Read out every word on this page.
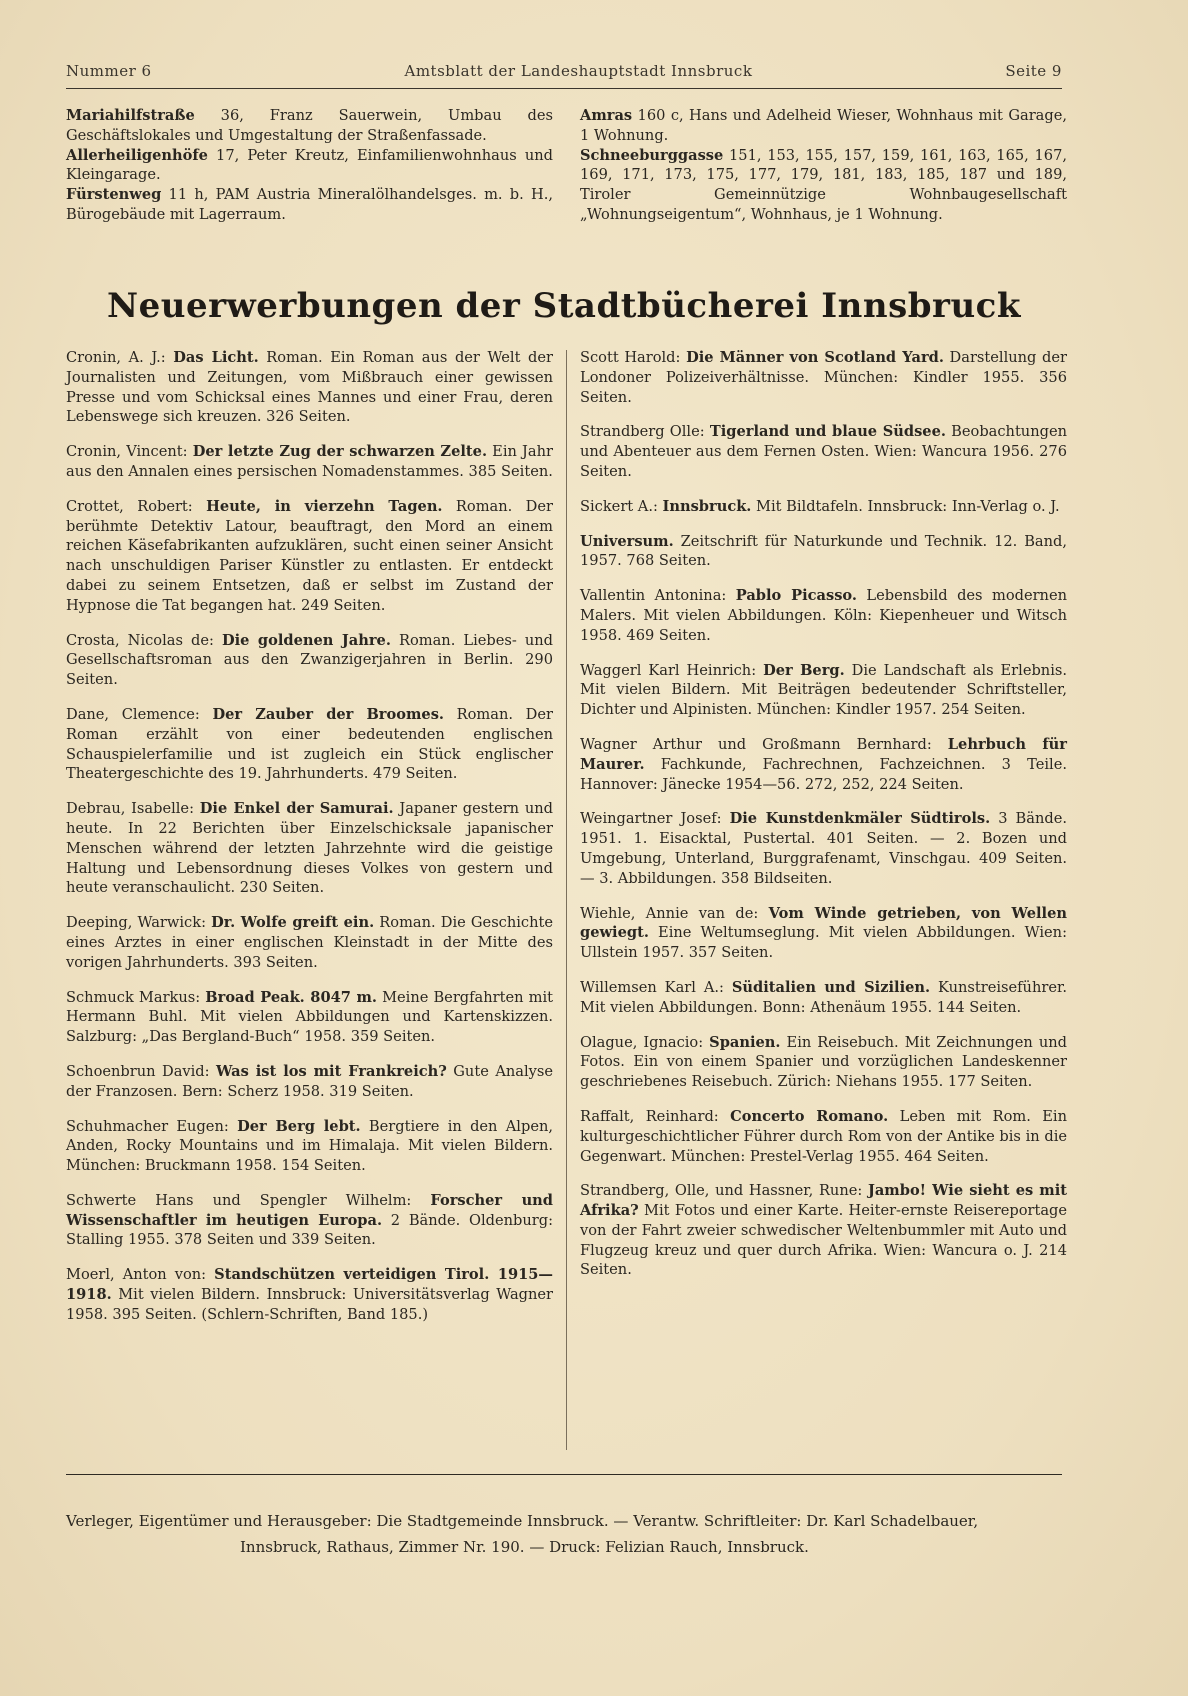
Nummer 6	Amtsblatt der Landeshauptstadt Innsbruck	Seite 9

Mariahilfstraße 36, Franz Sauerwein, Umbau des Geschäftslokales und Umgestaltung der Straßenfassade.

Allerheiligenhöfe 17, Peter Kreutz, Einfamilienwohnhaus und Kleingarage.

Fürstenweg 11 h, PAM Austria Mineralölhandelsges. m. b. H., Bürogebäude mit Lagerraum.

Amras 160 c, Hans und Adelheid Wieser, Wohnhaus mit Garage, 1 Wohnung.

Schneeburggasse 151, 153, 155, 157, 159, 161, 163, 165, 167, 169, 171, 173, 175, 177, 179, 181, 183, 185, 187 und 189, Tiroler Gemeinnützige Wohnbaugesellschaft „Wohnungseigentum“, Wohnhaus, je 1 Wohnung.

Neuerwerbungen der Stadtbücherei Innsbruck

Cronin, A. J.: Das Licht. Roman. Ein Roman aus der Welt der Journalisten und Zeitungen, vom Mißbrauch einer gewissen Presse und vom Schicksal eines Mannes und einer Frau, deren Lebenswege sich kreuzen. 326 Seiten.

Cronin, Vincent: Der letzte Zug der schwarzen Zelte. Ein Jahr aus den Annalen eines persischen Nomadenstammes. 385 Seiten.

Crottet, Robert: Heute, in vierzehn Tagen. Roman. Der berühmte Detektiv Latour, beauftragt, den Mord an einem reichen Käsefabrikanten aufzuklären, sucht einen seiner Ansicht nach unschuldigen Pariser Künstler zu entlasten. Er entdeckt dabei zu seinem Entsetzen, daß er selbst im Zustand der Hypnose die Tat begangen hat. 249 Seiten.

Crosta, Nicolas de: Die goldenen Jahre. Roman. Liebes- und Gesellschaftsroman aus den Zwanzigerjahren in Berlin. 290 Seiten.

Dane, Clemence: Der Zauber der Broomes. Roman. Der Roman erzählt von einer bedeutenden englischen Schauspielerfamilie und ist zugleich ein Stück englischer Theatergeschichte des 19. Jahrhunderts. 479 Seiten.

Debrau, Isabelle: Die Enkel der Samurai. Japaner gestern und heute. In 22 Berichten über Einzelschicksale japanischer Menschen während der letzten Jahrzehnte wird die geistige Haltung und Lebensordnung dieses Volkes von gestern und heute veranschaulicht. 230 Seiten.

Deeping, Warwick: Dr. Wolfe greift ein. Roman. Die Geschichte eines Arztes in einer englischen Kleinstadt in der Mitte des vorigen Jahrhunderts. 393 Seiten.

Schmuck Markus: Broad Peak. 8047 m. Meine Bergfahrten mit Hermann Buhl. Mit vielen Abbildungen und Kartenskizzen. Salzburg: „Das Bergland-Buch“ 1958. 359 Seiten.

Schoenbrun David: Was ist los mit Frankreich? Gute Analyse der Franzosen. Bern: Scherz 1958. 319 Seiten.

Schuhmacher Eugen: Der Berg lebt. Bergtiere in den Alpen, Anden, Rocky Mountains und im Himalaja. Mit vielen Bildern. München: Bruckmann 1958. 154 Seiten.

Schwerte Hans und Spengler Wilhelm: Forscher und Wissenschaftler im heutigen Europa. 2 Bände. Oldenburg: Stalling 1955. 378 Seiten und 339 Seiten.

Moerl, Anton von: Standschützen verteidigen Tirol. 1915—1918. Mit vielen Bildern. Innsbruck: Universitätsverlag Wagner 1958. 395 Seiten. (Schlern-Schriften, Band 185.)

Scott Harold: Die Männer von Scotland Yard. Darstellung der Londoner Polizeiverhältnisse. München: Kindler 1955. 356 Seiten.

Strandberg Olle: Tigerland und blaue Südsee. Beobachtungen und Abenteuer aus dem Fernen Osten. Wien: Wancura 1956. 276 Seiten.

Sickert A.: Innsbruck. Mit Bildtafeln. Innsbruck: Inn-Verlag o. J.

Universum. Zeitschrift für Naturkunde und Technik. 12. Band, 1957. 768 Seiten.

Vallentin Antonina: Pablo Picasso. Lebensbild des modernen Malers. Mit vielen Abbildungen. Köln: Kiepenheuer und Witsch 1958. 469 Seiten.

Waggerl Karl Heinrich: Der Berg. Die Landschaft als Erlebnis. Mit vielen Bildern. Mit Beiträgen bedeutender Schriftsteller, Dichter und Alpinisten. München: Kindler 1957. 254 Seiten.

Wagner Arthur und Großmann Bernhard: Lehrbuch für Maurer. Fachkunde, Fachrechnen, Fachzeichnen. 3 Teile. Hannover: Jänecke 1954—56. 272, 252, 224 Seiten.

Weingartner Josef: Die Kunstdenkmäler Südtirols. 3 Bände. 1951. 1. Eisacktal, Pustertal. 401 Seiten. — 2. Bozen und Umgebung, Unterland, Burggrafenamt, Vinschgau. 409 Seiten. — 3. Abbildungen. 358 Bildseiten.

Wiehle, Annie van de: Vom Winde getrieben, von Wellen gewiegt. Eine Weltumseglung. Mit vielen Abbildungen. Wien: Ullstein 1957. 357 Seiten.

Willemsen Karl A.: Süditalien und Sizilien. Kunstreiseführer. Mit vielen Abbildungen. Bonn: Athenäum 1955. 144 Seiten.

Olague, Ignacio: Spanien. Ein Reisebuch. Mit Zeichnungen und Fotos. Ein von einem Spanier und vorzüglichen Landeskenner geschriebenes Reisebuch. Zürich: Niehans 1955. 177 Seiten.

Raffalt, Reinhard: Concerto Romano. Leben mit Rom. Ein kulturgeschichtlicher Führer durch Rom von der Antike bis in die Gegenwart. München: Prestel-Verlag 1955. 464 Seiten.

Strandberg, Olle, und Hassner, Rune: Jambo! Wie sieht es mit Afrika? Mit Fotos und einer Karte. Heiter-ernste Reisereportage von der Fahrt zweier schwedischer Weltenbummler mit Auto und Flugzeug kreuz und quer durch Afrika. Wien: Wancura o. J. 214 Seiten.

Verleger, Eigentümer und Herausgeber: Die Stadtgemeinde Innsbruck. — Verantw. Schriftleiter: Dr. Karl Schadelbauer,
Innsbruck, Rathaus, Zimmer Nr. 190. — Druck: Felizian Rauch, Innsbruck.
